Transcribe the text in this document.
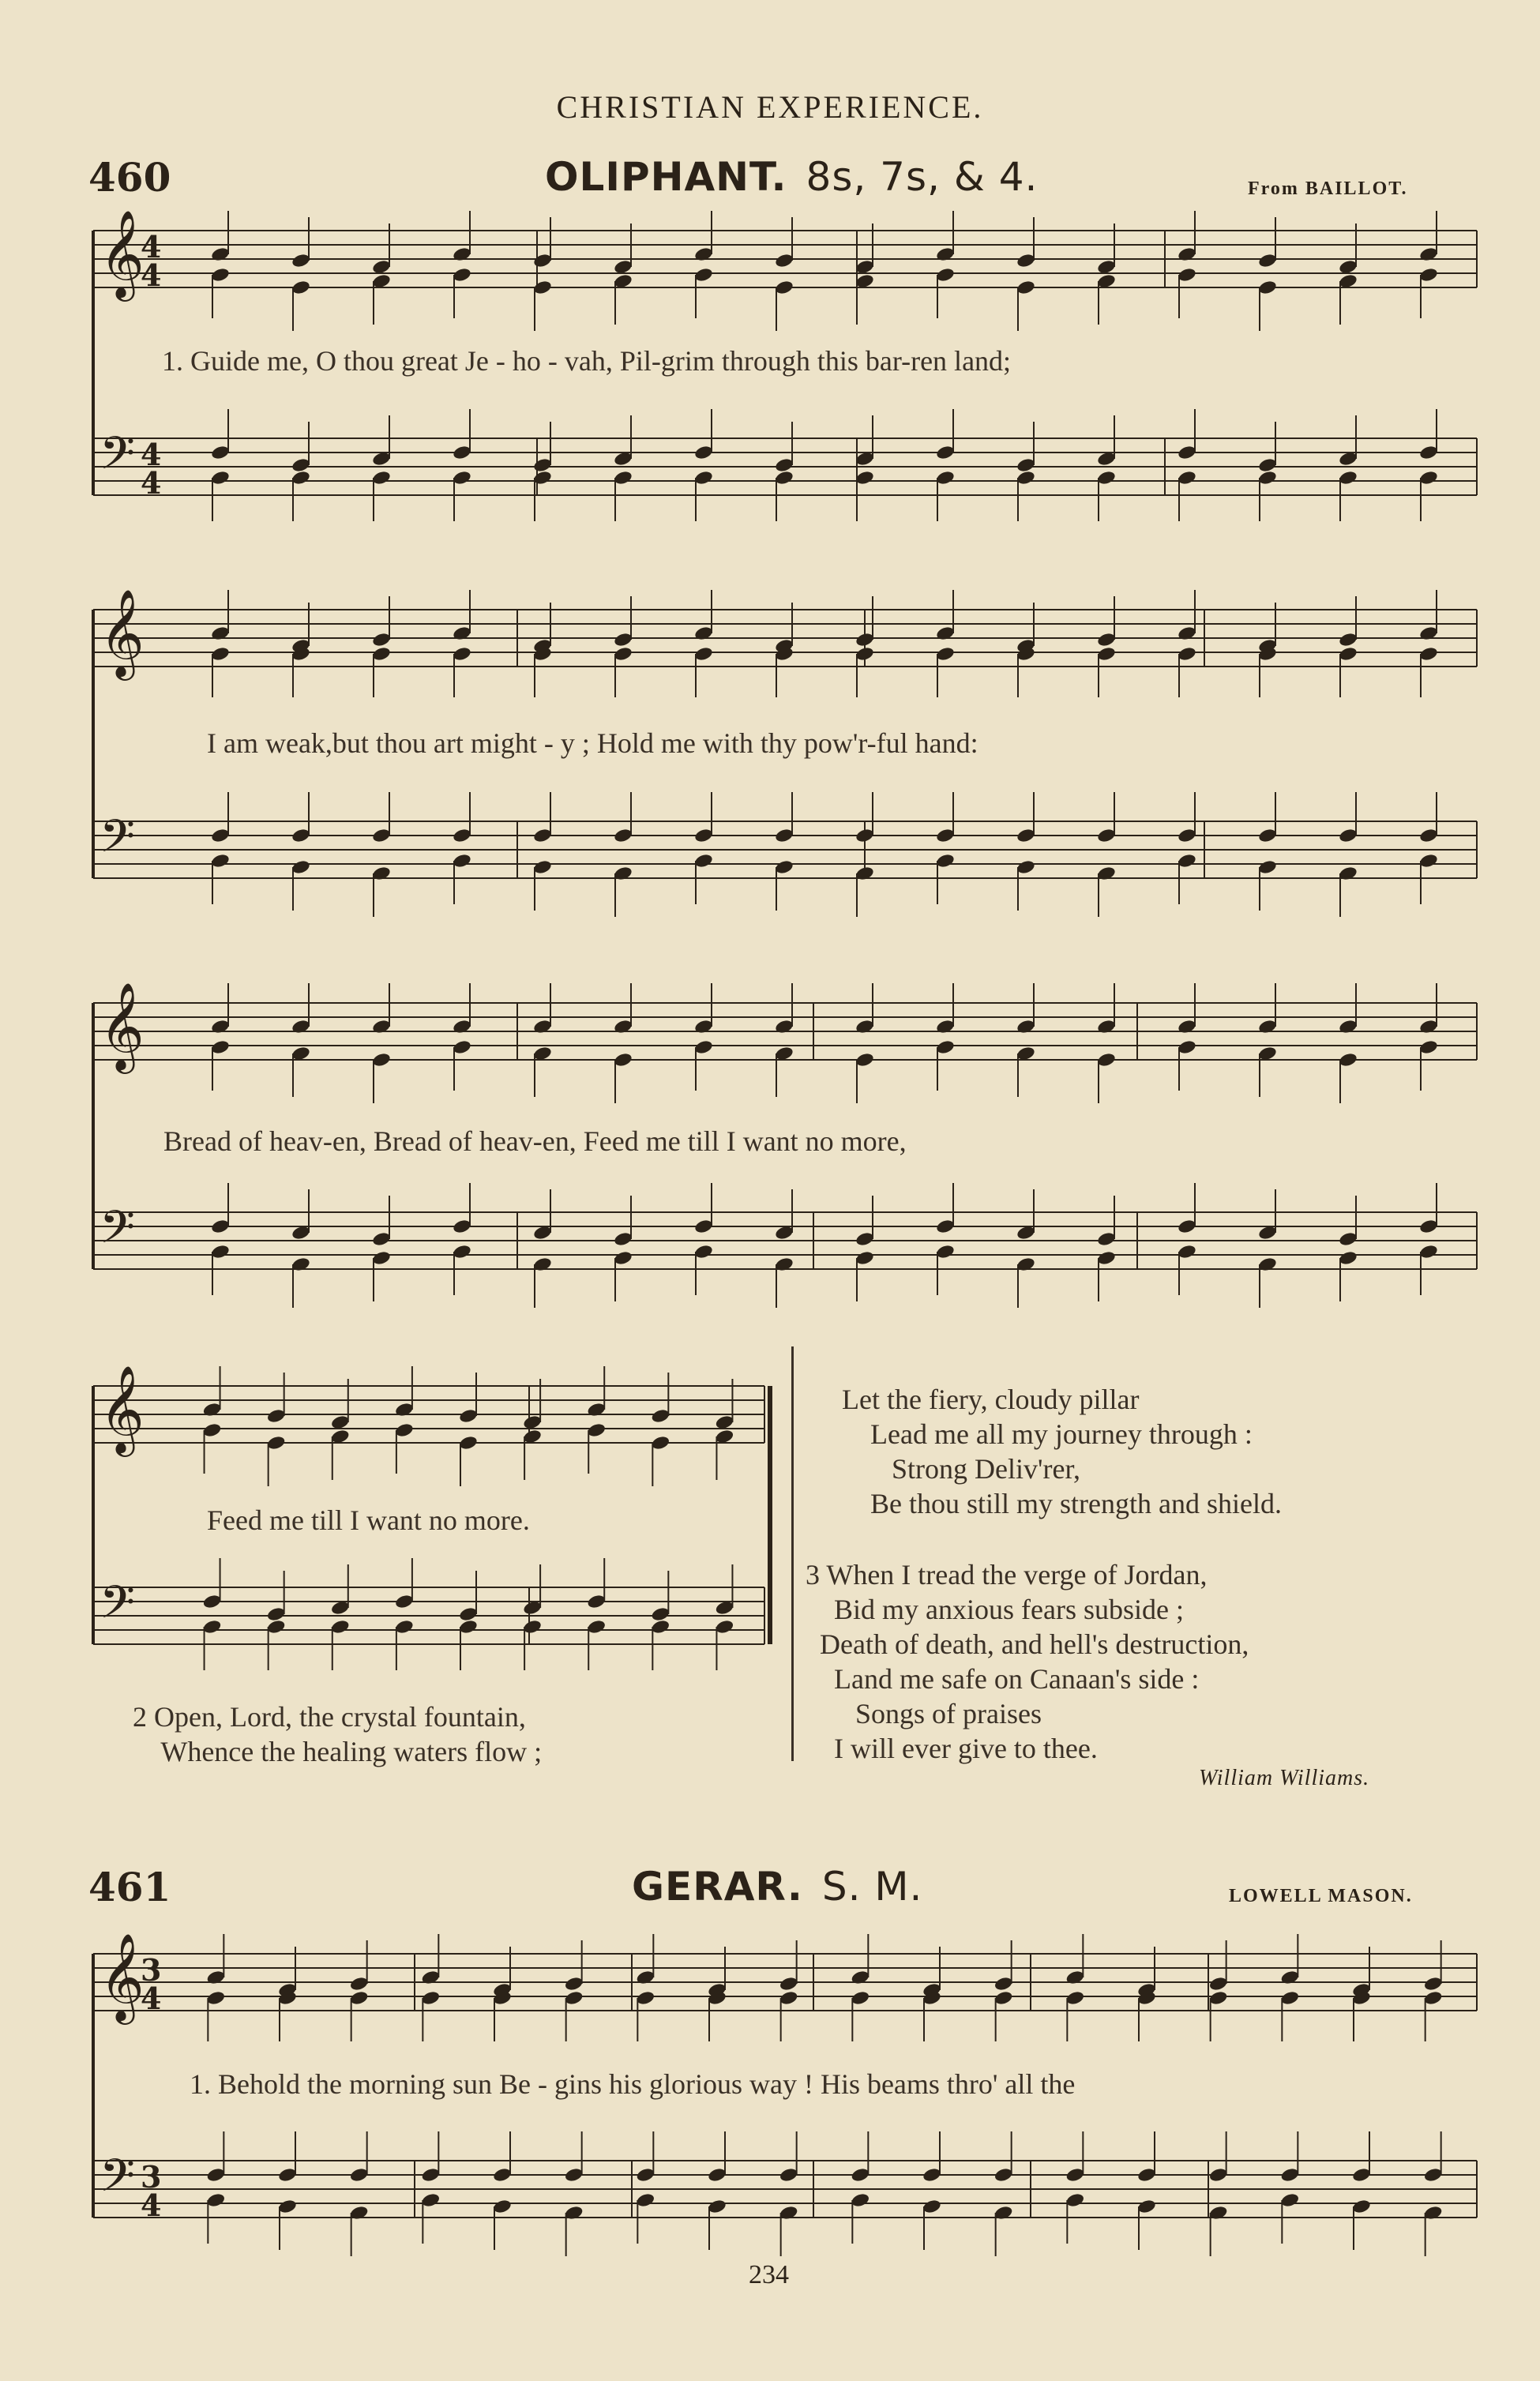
CHRISTIAN EXPERIENCE.
460	OLIPHANT. 8s, 7s, & 4.	From BAILLOT.
𝄞
𝄢
4
4
4
4
𝄞
𝄢
𝄞
𝄢
𝄞
𝄢
𝄞
𝄢
3
4
3
4
1. Guide me, O thou great Je - ho - vah, Pil-grim through this bar-ren land;
I am weak,but thou art might - y ; Hold me with thy pow'r-ful hand:
Bread of heav-en, Bread of heav-en, Feed me till I want no more,
Feed me till I want no more.
2 Open, Lord, the crystal fountain,
Whence the healing waters flow ;
Let the fiery, cloudy pillar
Lead me all my journey through :
Strong Deliv'rer,
Be thou still my strength and shield.
3 When I tread the verge of Jordan,
Bid my anxious fears subside ;
Death of death, and hell's destruction,
Land me safe on Canaan's side :
Songs of praises
I will ever give to thee.
William Williams.
461	GERAR. S. M.	LOWELL MASON.
1. Behold the morning sun Be - gins his glorious way ! His beams thro' all the
234
